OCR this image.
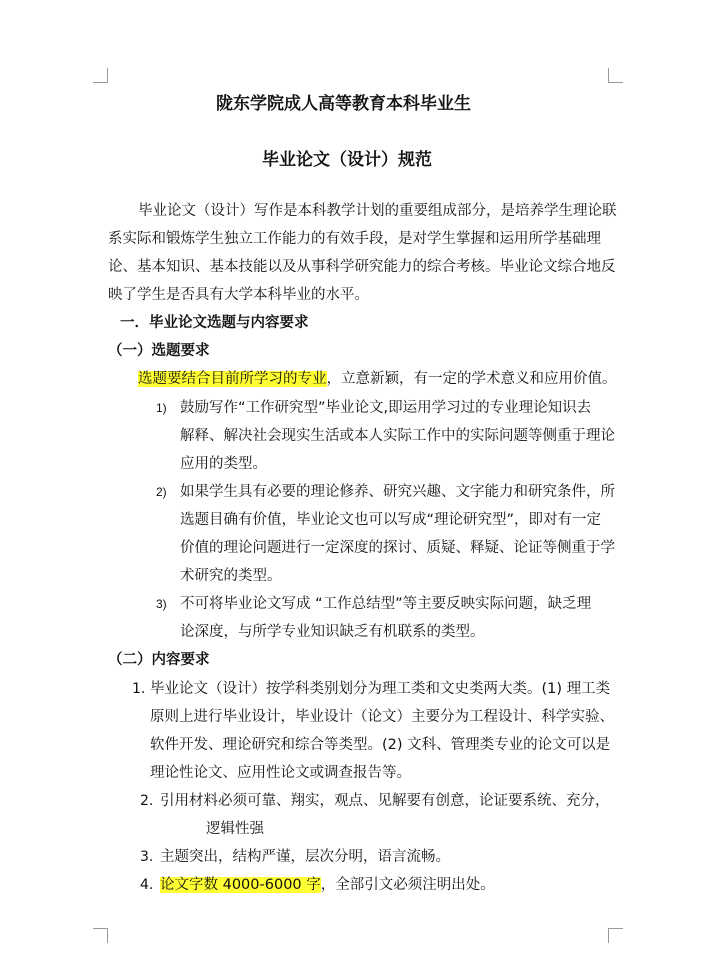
陇东学院成人高等教育本科毕业生
毕业论文（设计）规范
毕业论文（设计）写作是本科教学计划的重要组成部分，是培养学生理论联
系实际和锻炼学生独立工作能力的有效手段，是对学生掌握和运用所学基础理
论、基本知识、基本技能以及从事科学研究能力的综合考核。毕业论文综合地反
映了学生是否具有大学本科毕业的水平。
一．毕业论文选题与内容要求
（一）选题要求
选题要结合目前所学习的专业，立意新颖，有一定的学术意义和应用价值。
1) 鼓励写作“工作研究型”毕业论文,即运用学习过的专业理论知识去
解释、解决社会现实生活或本人实际工作中的实际问题等侧重于理论
应用的类型。
2) 如果学生具有必要的理论修养、研究兴趣、文字能力和研究条件，所
选题目确有价值，毕业论文也可以写成“理论研究型”，即对有一定
价值的理论问题进行一定深度的探讨、质疑、释疑、论证等侧重于学
术研究的类型。
3) 不可将毕业论文写成 “工作总结型”等主要反映实际问题，缺乏理
论深度，与所学专业知识缺乏有机联系的类型。
（二）内容要求
1. 毕业论文（设计）按学科类别划分为理工类和文史类两大类。(1) 理工类
原则上进行毕业设计，毕业设计（论文）主要分为工程设计、科学实验、
软件开发、理论研究和综合等类型。(2) 文科、管理类专业的论文可以是
理论性论文、应用性论文或调查报告等。
2. 引用材料必须可靠、翔实，观点、见解要有创意，论证要系统、充分，
逻辑性强
3. 主题突出，结构严谨，层次分明，语言流畅。
4. 论文字数 4000-6000 字，全部引文必须注明出处。
